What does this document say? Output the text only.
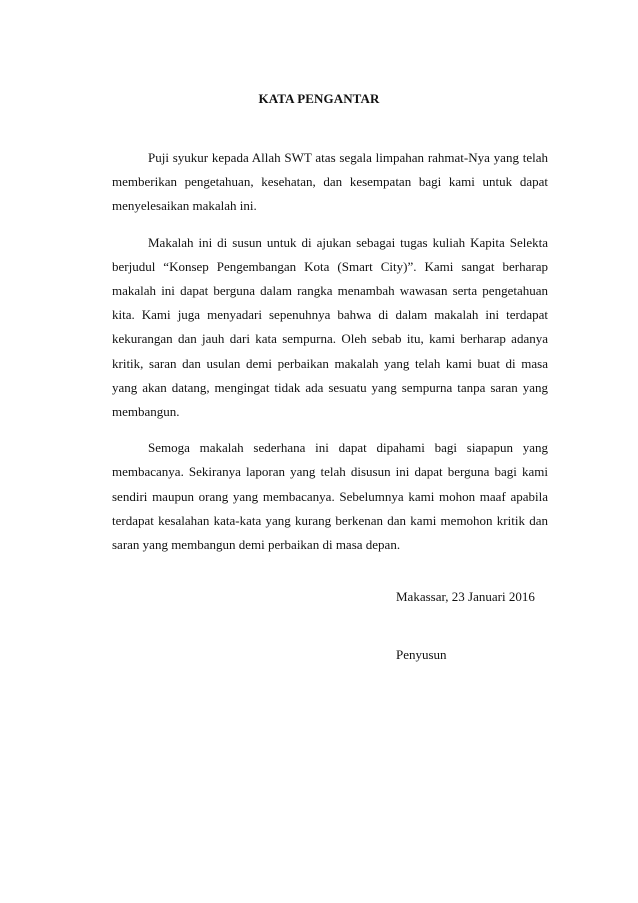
KATA PENGANTAR

Puji syukur kepada Allah SWT atas segala limpahan rahmat-Nya yang telah memberikan pengetahuan, kesehatan, dan kesempatan bagi kami untuk dapat menyelesaikan makalah ini.

Makalah ini di susun untuk di ajukan sebagai tugas kuliah Kapita Selekta berjudul “Konsep Pengembangan Kota (Smart City)”. Kami sangat berharap makalah ini dapat berguna dalam rangka menambah wawasan serta pengetahuan kita. Kami juga menyadari sepenuhnya bahwa di dalam makalah ini terdapat kekurangan dan jauh dari kata sempurna. Oleh sebab itu, kami berharap adanya kritik, saran dan usulan demi perbaikan makalah yang telah kami buat di masa yang akan datang, mengingat tidak ada sesuatu yang sempurna tanpa saran yang membangun.

Semoga makalah sederhana ini dapat dipahami bagi siapapun yang membacanya. Sekiranya laporan yang telah disusun ini dapat berguna bagi kami sendiri maupun orang yang membacanya. Sebelumnya kami mohon maaf apabila terdapat kesalahan kata-kata yang kurang berkenan dan kami memohon kritik dan saran yang membangun demi perbaikan di masa depan.

Makassar, 23 Januari 2016
Penyusun
